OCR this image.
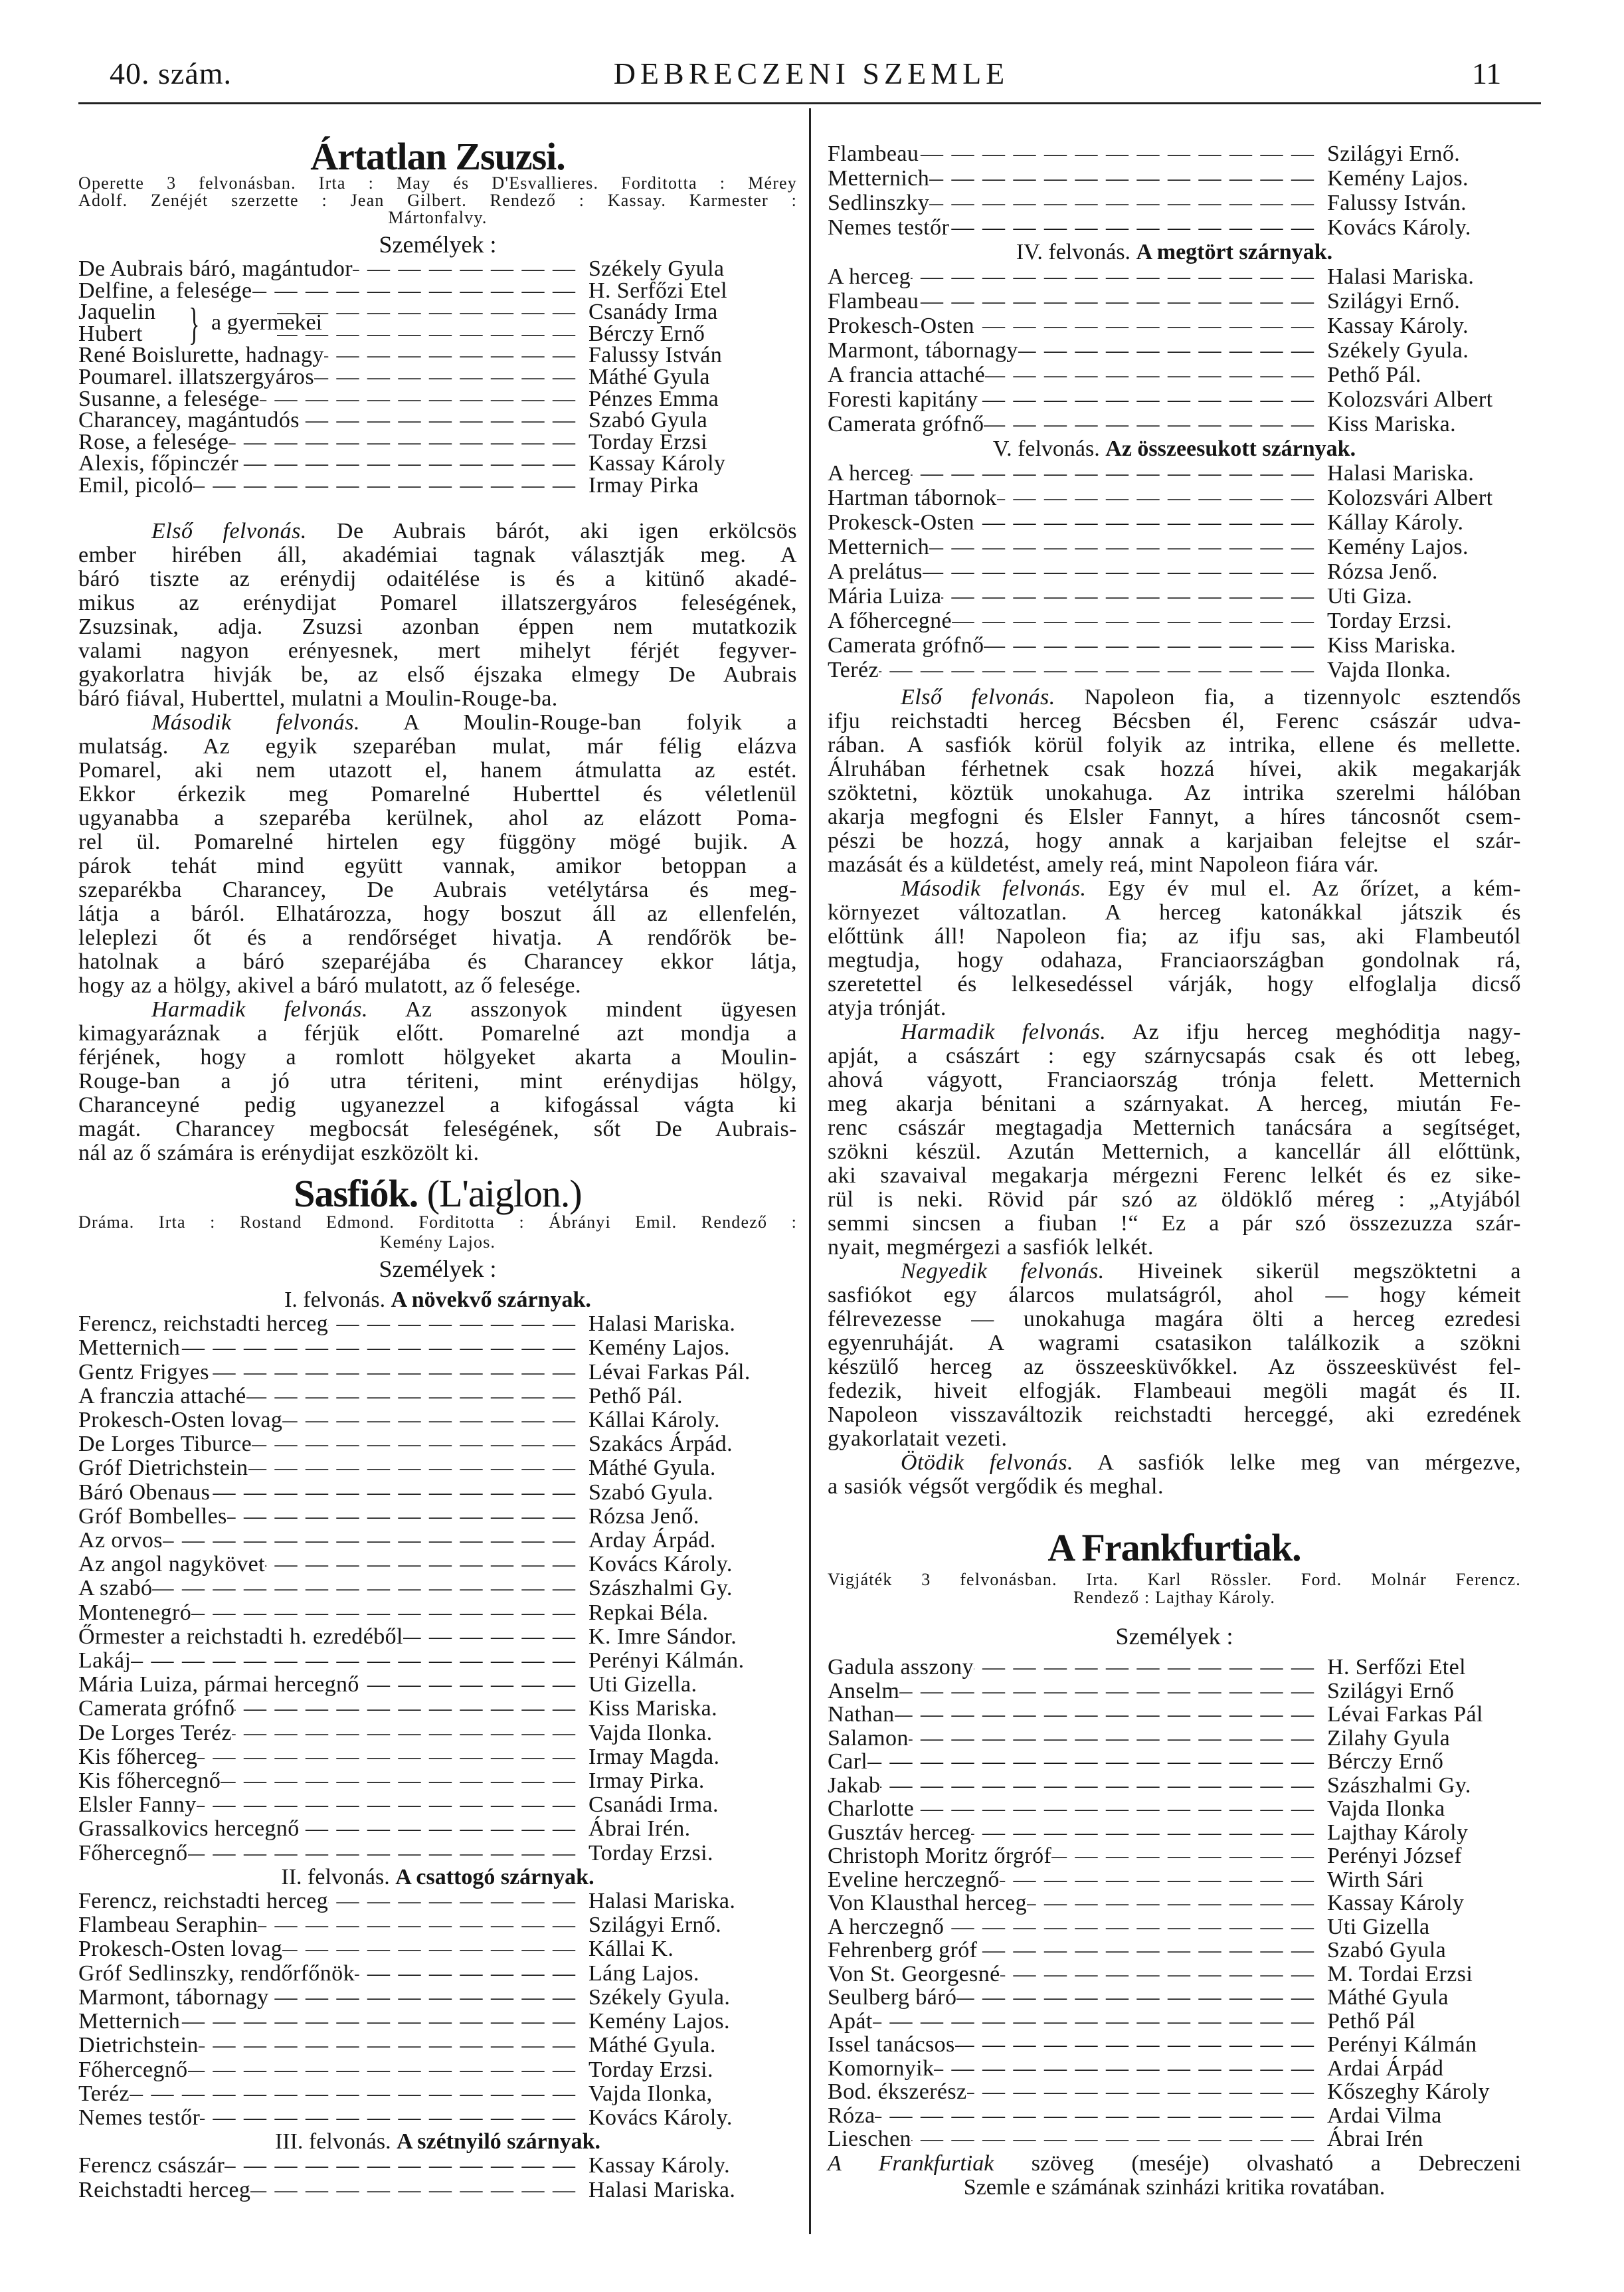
40. szám.	DEBRECZENI SZEMLE	11
Ártatlan Zsuzsi.
Operette 3 felvonásban. Irta : May és D'Esvallieres. Forditotta : Mérey
Adolf. Zenéjét szerzette : Jean Gilbert. Rendező : Kassay. Karmester :
Mártonfalvy.
Személyek :
De Aubrais báró, magántudor — — —	Székely Gyula
Delfine, a felesége — — —	H. Serfőzi Etel
Jaquelin — — —	Csanády Irma
Hubert — — —	Bérczy Ernő
} a gyermekei
René Boislurette, hadnagy — — —	Falussy István
Poumarel. illatszergyáros — — —	Máthé Gyula
Susanne, a felesége — — —	Pénzes Emma
Charancey, magántudós — — —	Szabó Gyula
Rose, a felesége — — —	Torday Erzsi
Alexis, főpinczér — — —	Kassay Károly
Emil, picoló — — —	Irmay Pirka
Első felvonás. De Aubrais bárót, aki igen erkölcsös
ember hirében áll, akadémiai tagnak választják meg. A
báró tiszte az erénydij odaitélése is és a kitünő akadé-
mikus az erénydijat Pomarel illatszergyáros feleségének,
Zsuzsinak, adja. Zsuzsi azonban éppen nem mutatkozik
valami nagyon erényesnek, mert mihelyt férjét fegyver-
gyakorlatra hivják be, az első éjszaka elmegy De Aubrais
báró fiával, Huberttel, mulatni a Moulin-Rouge-ba.
Második felvonás. A Moulin-Rouge-ban folyik a
mulatság. Az egyik szeparéban mulat, már félig elázva
Pomarel, aki nem utazott el, hanem átmulatta az estét.
Ekkor érkezik meg Pomarelné Huberttel és véletlenül
ugyanabba a szeparéba kerülnek, ahol az elázott Poma-
rel ül. Pomarelné hirtelen egy függöny mögé bujik. A
párok tehát mind együtt vannak, amikor betoppan a
szeparékba Charancey, De Aubrais vetélytársa és meg-
látja a báról. Elhatározza, hogy boszut áll az ellenfelén,
leleplezi őt és a rendőrséget hivatja. A rendőrök be-
hatolnak a báró szeparéjába és Charancey ekkor látja,
hogy az a hölgy, akivel a báró mulatott, az ő felesége.
Harmadik felvonás. Az asszonyok mindent ügyesen
kimagyaráznak a férjük előtt. Pomarelné azt mondja a
férjének, hogy a romlott hölgyeket akarta a Moulin-
Rouge-ban a jó utra tériteni, mint erénydijas hölgy,
Charanceyné pedig ugyanezzel a kifogással vágta ki
magát. Charancey megbocsát feleségének, sőt De Aubrais-
nál az ő számára is erénydijat eszközölt ki.
Sasfiók. (L'aiglon.)
Dráma. Irta : Rostand Edmond. Forditotta : Ábrányi Emil. Rendező :
Kemény Lajos.
Személyek :
I. felvonás. A növekvő szárnyak.
Ferencz, reichstadti herceg — — —	Halasi Mariska.
Metternich — — —	Kemény Lajos.
Gentz Frigyes — — —	Lévai Farkas Pál.
A franczia attaché — — —	Pethő Pál.
Prokesch-Osten lovag — — —	Kállai Károly.
De Lorges Tiburce — — —	Szakács Árpád.
Gróf Dietrichstein — — —	Máthé Gyula.
Báró Obenaus — — —	Szabó Gyula.
Gróf Bombelles — — —	Rózsa Jenő.
Az orvos — — —	Arday Árpád.
Az angol nagykövet — — —	Kovács Károly.
A szabó — — —	Szászhalmi Gy.
Montenegró — — —	Repkai Béla.
Őrmester a reichstadti h. ezredéből — — —	K. Imre Sándor.
Lakáj — — —	Perényi Kálmán.
Mária Luiza, pármai hercegnő — — —	Uti Gizella.
Camerata grófnő — — —	Kiss Mariska.
De Lorges Teréz — — —	Vajda Ilonka.
Kis főherceg — — —	Irmay Magda.
Kis főhercegnő — — —	Irmay Pirka.
Elsler Fanny — — —	Csanádi Irma.
Grassalkovics hercegnő — — —	Ábrai Irén.
Főhercegnő — — —	Torday Erzsi.
II. felvonás. A csattogó szárnyak.
Ferencz, reichstadti herceg — — —	Halasi Mariska.
Flambeau Seraphin — — —	Szilágyi Ernő.
Prokesch-Osten lovag — — —	Kállai K.
Gróf Sedlinszky, rendőrfőnök — — —	Láng Lajos.
Marmont, tábornagy — — —	Székely Gyula.
Metternich — — —	Kemény Lajos.
Dietrichstein — — —	Máthé Gyula.
Főhercegnő — — —	Torday Erzsi.
Teréz — — —	Vajda Ilonka,
Nemes testőr — — —	Kovács Károly.
III. felvonás. A szétnyiló szárnyak.
Ferencz császár — — —	Kassay Károly.
Reichstadti herceg — — —	Halasi Mariska.
Flambeau — — —	Szilágyi Ernő.
Metternich — — —	Kemény Lajos.
Sedlinszky — — —	Falussy István.
Nemes testőr — — —	Kovács Károly.
IV. felvonás. A megtört szárnyak.
A herceg — — —	Halasi Mariska.
Flambeau — — —	Szilágyi Ernő.
Prokesch-Osten — — —	Kassay Károly.
Marmont, tábornagy — — —	Székely Gyula.
A francia attaché — — —	Pethő Pál.
Foresti kapitány — — —	Kolozsvári Albert
Camerata grófnő — — —	Kiss Mariska.
V. felvonás. Az összeesukott szárnyak.
A herceg — — —	Halasi Mariska.
Hartman tábornok — — —	Kolozsvári Albert
Prokesck-Osten — — —	Kállay Károly.
Metternich — — —	Kemény Lajos.
A prelátus — — —	Rózsa Jenő.
Mária Luiza — — —	Uti Giza.
A főhercegné — — —	Torday Erzsi.
Camerata grófnő — — —	Kiss Mariska.
Teréz — — —	Vajda Ilonka.
Első felvonás. Napoleon fia, a tizennyolc esztendős
ifju reichstadti herceg Bécsben él, Ferenc császár udva-
rában. A sasfiók körül folyik az intrika, ellene és mellette.
Álruhában férhetnek csak hozzá hívei, akik megakarják
szöktetni, köztük unokahuga. Az intrika szerelmi hálóban
akarja megfogni és Elsler Fannyt, a híres táncosnőt csem-
pészi be hozzá, hogy annak a karjaiban felejtse el szár-
mazását és a küldetést, amely reá, mint Napoleon fiára vár.
Második felvonás. Egy év mul el. Az őrízet, a kém-
környezet változatlan. A herceg katonákkal játszik és
előttünk áll! Napoleon fia; az ifju sas, aki Flambeutól
megtudja, hogy odahaza, Franciaországban gondolnak rá,
szeretettel és lelkesedéssel várják, hogy elfoglalja dicső
atyja trónját.
Harmadik felvonás. Az ifju herceg meghóditja nagy-
apját, a császárt : egy szárnycsapás csak és ott lebeg,
ahová vágyott, Franciaország trónja felett. Metternich
meg akarja bénitani a szárnyakat. A herceg, miután Fe-
renc császár megtagadja Metternich tanácsára a segítséget,
szökni készül. Azután Metternich, a kancellár áll előttünk,
aki szavaival megakarja mérgezni Ferenc lelkét és ez sike-
rül is neki. Rövid pár szó az öldöklő méreg : „Atyjából
semmi sincsen a fiuban !“ Ez a pár szó összezuzza szár-
nyait, megmérgezi a sasfiók lelkét.
Negyedik felvonás. Hiveinek sikerül megszöktetni a
sasfiókot egy álarcos mulatságról, ahol — hogy kémeit
félrevezesse — unokahuga magára ölti a herceg ezredesi
egyenruháját. A wagrami csatasikon találkozik a szökni
készülő herceg az összeesküvőkkel. Az összeesküvést fel-
fedezik, hiveit elfogják. Flambeaui megöli magát és II.
Napoleon visszaváltozik reichstadti herceggé, aki ezredének
gyakorlatait vezeti.
Ötödik felvonás. A sasfiók lelke meg van mérgezve,
a sasiók végsőt vergődik és meghal.
A Frankfurtiak.
Vigjáték 3 felvonásban. Irta. Karl Rössler. Ford. Molnár Ferencz.
Rendező : Lajthay Károly.
Személyek :
Gadula asszony — — —	H. Serfőzi Etel
Anselm — — —	Szilágyi Ernő
Nathan — — —	Lévai Farkas Pál
Salamon — — —	Zilahy Gyula
Carl — — —	Bérczy Ernő
Jakab — — —	Szászhalmi Gy.
Charlotte — — —	Vajda Ilonka
Gusztáv herceg — — —	Lajthay Károly
Christoph Moritz őrgróf — — —	Perényi József
Eveline herczegnő — — —	Wirth Sári
Von Klausthal herceg — — —	Kassay Károly
A herczegnő — — —	Uti Gizella
Fehrenberg gróf — — —	Szabó Gyula
Von St. Georgesné — — —	M. Tordai Erzsi
Seulberg báró — — —	Máthé Gyula
Apát — — —	Pethő Pál
Issel tanácsos — — —	Perényi Kálmán
Komornyik — — —	Ardai Árpád
Bod. ékszerész — — —	Kőszeghy Károly
Róza — — —	Ardai Vilma
Lieschen — — —	Ábrai Irén
A Frankfurtiak szöveg (meséje) olvasható a Debreczeni
Szemle e számának szinházi kritika rovatában.
